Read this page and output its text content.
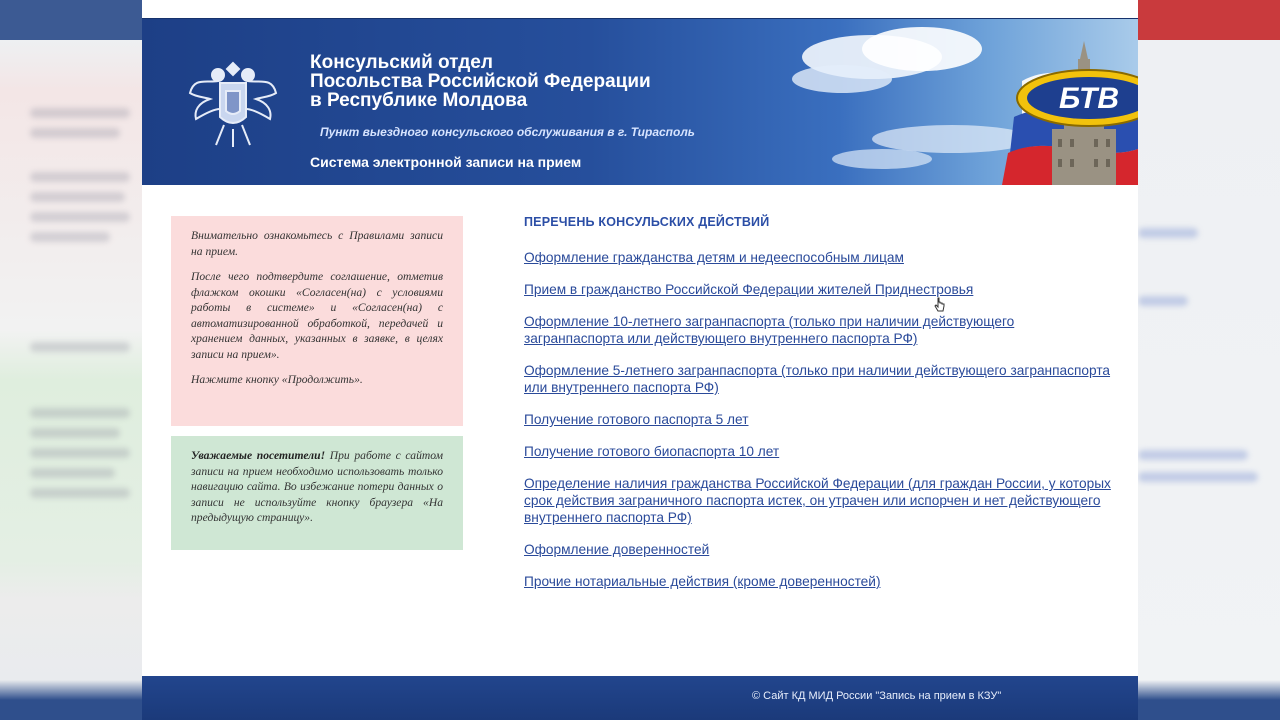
Консульский отдел
Посольства Российской Федерации
в Республике Молдова
Пункт выездного консульского обслуживания в г. Тирасполь
Система электронной записи на прием
БТВ

Внимательно ознакомьтесь с Правилами записи на прием.

После чего подтвердите соглашение, отметив флажком окошки «Согласен(на) с условиями работы в системе» и «Согласен(на) с автоматизированной обработкой, передачей и хранением данных, указанных в заявке, в целях записи на прием».

Нажмите кнопку «Продолжить».

Уважаемые посетители! При работе с сайтом записи на прием необходимо использовать только навигацию сайта. Во избежание потери данных о записи не используйте кнопку браузера «На предыдущую страницу».

ПЕРЕЧЕНЬ КОНСУЛЬСКИХ ДЕЙСТВИЙ
Оформление гражданства детям и недееспособным лицам
Прием в гражданство Российской Федерации жителей Приднестровья
Оформление 10-летнего загранпаспорта (только при наличии действующего загранпаспорта или действующего внутреннего паспорта РФ)
Оформление 5-летнего загранпаспорта (только при наличии действующего загранпаспорта или внутреннего паспорта РФ)
Получение готового паспорта 5 лет
Получение готового биопаспорта 10 лет
Определение наличия гражданства Российской Федерации (для граждан России, у которых срок действия заграничного паспорта истек, он утрачен или испорчен и нет действующего внутреннего паспорта РФ)
Оформление доверенностей
Прочие нотариальные действия (кроме доверенностей)
© Сайт КД МИД России "Запись на прием в КЗУ"
